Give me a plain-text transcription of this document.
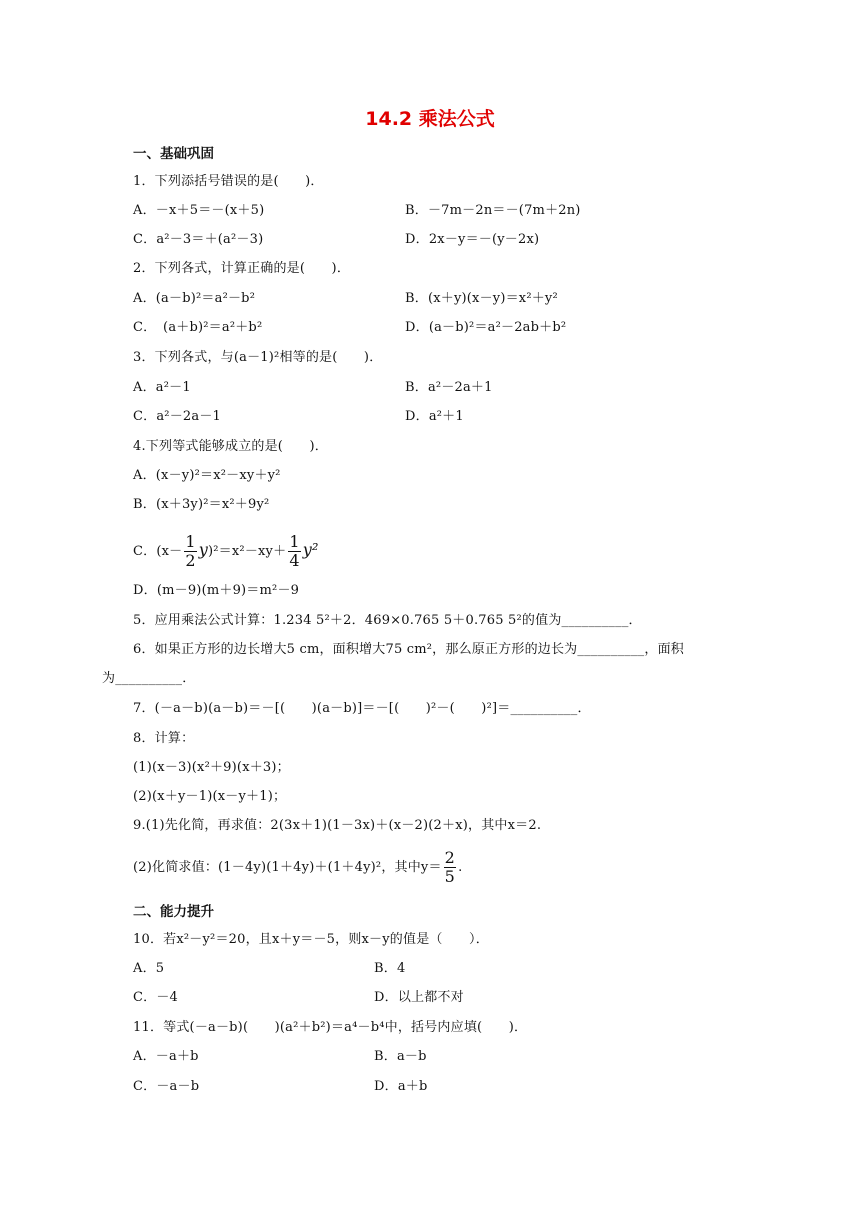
14.2 乘法公式
一、基础巩固
1．下列添括号错误的是(　　)．
A．－x＋5＝－(x＋5)	B．－7m－2n＝－(7m＋2n)
C．a²－3＝＋(a²－3)	D．2x－y＝－(y－2x)
2．下列各式，计算正确的是(　　)．
A．(a－b)²＝a²－b²	B．(x＋y)(x－y)＝x²＋y²
C．　(a＋b)²＝a²＋b²	D．(a－b)²＝a²－2ab＋b²
3．下列各式，与(a－1)²相等的是(　　)．
A．a²－1	B．a²－2a＋1
C．a²－2a－1	D．a²＋1
4.下列等式能够成立的是(　　)．
A．(x－y)²＝x²－xy＋y²
B．(x＋3y)²＝x²＋9y²
C．$(x- \frac{1}{2} y)^2=x^2-xy+ \frac{1}{4} y^2$
D．(m－9)(m＋9)＝m²－9
5．应用乘法公式计算：1.234 5²＋2．469×0.765 5＋0.765 5²的值为__________．
6．如果正方形的边长增大5 cm，面积增大75 cm²，那么原正方形的边长为__________，面积
为__________．
7．(－a－b)(a－b)＝－[(　　)(a－b)]＝－[(　　)²－(　　)²]＝__________．
8．计算：
(1)(x－3)(x²＋9)(x＋3)；
(2)(x＋y－1)(x－y＋1)；
9.(1)先化简，再求值：2(3x＋1)(1－3x)＋(x－2)(2＋x)，其中x＝2.
(2)化简求值：(1－4y)(1＋4y)＋(1＋4y)²，其中$y= \frac{2}{5}$ .
二、能力提升
10．若x²－y²＝20，且x＋y＝－5，则x－y的值是（　　）．
A．5	B．4
C．－4	D．以上都不对
11．等式(－a－b)(　　)(a²＋b²)＝a⁴－b⁴中，括号内应填(　　)．
A．－a＋b	B．a－b
C．－a－b	D．a＋b
